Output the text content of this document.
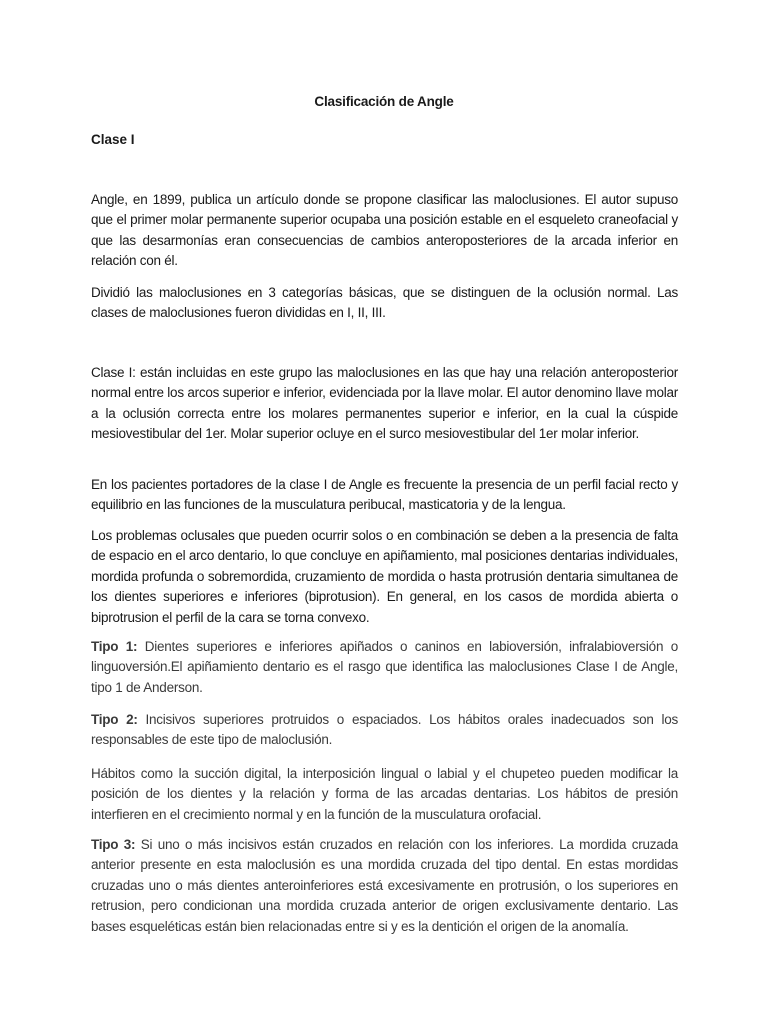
Clasificación de Angle
Clase I

Angle, en 1899, publica un artículo donde se propone clasificar las maloclusiones. El autor supuso que el primer molar permanente superior ocupaba una posición estable en el esqueleto craneofacial y que las desarmonías eran consecuencias de cambios anteroposteriores de la arcada inferior en relación con él.

Dividió las maloclusiones en 3 categorías básicas, que se distinguen de la oclusión normal. Las clases de maloclusiones fueron divididas en I, II, III.

Clase I: están incluidas en este grupo las maloclusiones en las que hay una relación anteroposterior normal entre los arcos superior e inferior, evidenciada por la llave molar. El autor denomino llave molar a la oclusión correcta entre los molares permanentes superior e inferior, en la cual la cúspide mesiovestibular del 1er. Molar superior ocluye en el surco mesiovestibular del 1er molar inferior.

En los pacientes portadores de la clase I de Angle es frecuente la presencia de un perfil facial recto y equilibrio en las funciones de la musculatura peribucal, masticatoria y de la lengua.

Los problemas oclusales que pueden ocurrir solos o en combinación se deben a la presencia de falta de espacio en el arco dentario, lo que concluye en apiñamiento, mal posiciones dentarias individuales, mordida profunda o sobremordida, cruzamiento de mordida o hasta protrusión dentaria simultanea de los dientes superiores e inferiores (biprotusion). En general, en los casos de mordida abierta o biprotrusion el perfil de la cara se torna convexo.

Tipo 1: Dientes superiores e inferiores apiñados o caninos en labioversión, infralabioversión o linguoversión.El apiñamiento dentario es el rasgo que identifica las maloclusiones Clase I de Angle, tipo 1 de Anderson.

Tipo 2: Incisivos superiores protruidos o espaciados. Los hábitos orales inadecuados son los responsables de este tipo de maloclusión.

Hábitos como la succión digital, la interposición lingual o labial y el chupeteo pueden modificar la posición de los dientes y la relación y forma de las arcadas dentarias. Los hábitos de presión interfieren en el crecimiento normal y en la función de la musculatura orofacial.

Tipo 3: Si uno o más incisivos están cruzados en relación con los inferiores. La mordida cruzada anterior presente en esta maloclusión es una mordida cruzada del tipo dental. En estas mordidas cruzadas uno o más dientes anteroinferiores está excesivamente en protrusión, o los superiores en retrusion, pero condicionan una mordida cruzada anterior de origen exclusivamente dentario. Las bases esqueléticas están bien relacionadas entre si y es la dentición el origen de la anomalía.
